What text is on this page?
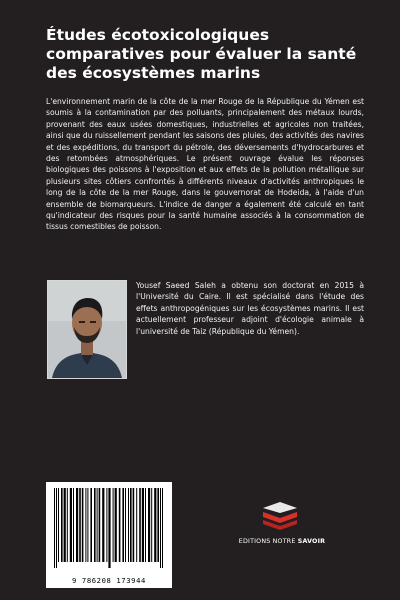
Études écotoxicologiques comparatives pour évaluer la santé des écosystèmes marins

L'environnement marin de la côte de la mer Rouge de la République du Yémen est soumis à la contamination par des polluants, principalement des métaux lourds, provenant des eaux usées domestiques, industrielles et agricoles non traitées, ainsi que du ruissellement pendant les saisons des pluies, des activités des navires et des expéditions, du transport du pétrole, des déversements d'hydrocarbures et des retombées atmosphériques. Le présent ouvrage évalue les réponses biologiques des poissons à l'exposition et aux effets de la pollution métallique sur plusieurs sites côtiers confrontés à différents niveaux d'activités anthropiques le long de la côte de la mer Rouge, dans le gouvernorat de Hodeida, à l'aide d'un ensemble de biomarqueurs. L'indice de danger a également été calculé en tant qu'indicateur des risques pour la santé humaine associés à la consommation de tissus comestibles de poisson.

Yousef Saeed Saleh a obtenu son doctorat en 2015 à l'Université du Caire. Il est spécialisé dans l'étude des effets anthropogéniques sur les écosystèmes marins. Il est actuellement professeur adjoint d'écologie animale à l'université de Taiz (République du Yémen).

9 786208 173944
EDITIONS NOTRE SAVOIR
